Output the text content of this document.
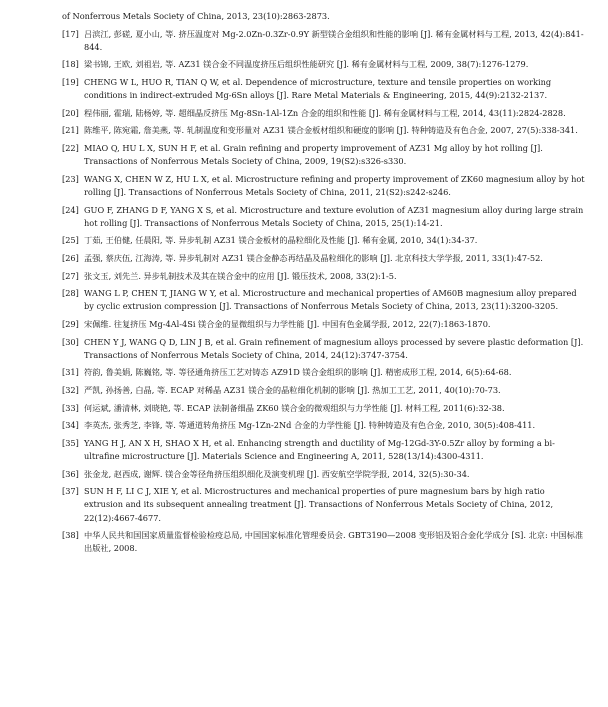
of Nonferrous Metals Society of China, 2013, 23(10):2863-2873.
[17] 吕滨江, 彭磋, 夏小山, 等. 挤压温度对 Mg-2.0Zn-0.3Zr-0.9Y 新型镁合金组织和性能的影响 [J]. 稀有金属材料与工程, 2013, 42(4):841-844.
[18] 梁书锦, 王欧, 刘祖岩, 等. AZ31 镁合金不同温度挤压后组织性能研究 [J]. 稀有金属材料与工程, 2009, 38(7):1276-1279.
[19] CHENG W L, HUO R, TIAN Q W, et al. Dependence of microstructure, texture and tensile properties on working conditions in indirect-extruded Mg-6Sn alloys [J]. Rare Metal Materials & Engineering, 2015, 44(9):2132-2137.
[20] 程伟丽, 霍瑞, 陆杨婷, 等. 超细晶反挤压 Mg-8Sn-1Al-1Zn 合金的组织和性能 [J]. 稀有金属材料与工程, 2014, 43(11):2824-2828.
[21] 陈维平, 陈宛霜, 詹美燕, 等. 轧制温度和变形量对 AZ31 镁合金板材组织和硬度的影响 [J]. 特种铸造及有色合金, 2007, 27(5):338-341.
[22] MIAO Q, HU L X, SUN H F, et al. Grain refining and property improvement of AZ31 Mg alloy by hot rolling [J]. Transactions of Nonferrous Metals Society of China, 2009, 19(S2):s326-s330.
[23] WANG X, CHEN W Z, HU L X, et al. Microstructure refining and property improvement of ZK60 magnesium alloy by hot rolling [J]. Transactions of Nonferrous Metals Society of China, 2011, 21(S2):s242-s246.
[24] GUO F, ZHANG D F, YANG X S, et al. Microstructure and texture evolution of AZ31 magnesium alloy during large strain hot rolling [J]. Transactions of Nonferrous Metals Society of China, 2015, 25(1):14-21.
[25] 丁茹, 王伯健, 任晨阳, 等. 异步轧制 AZ31 镁合金板材的晶粒细化及性能 [J]. 稀有金属, 2010, 34(1):34-37.
[26] 孟强, 蔡庆伍, 江海涛, 等. 异步轧制对 AZ31 镁合金静态再结晶及晶粒细化的影响 [J]. 北京科技大学学报, 2011, 33(1):47-52.
[27] 张文玉, 刘先兰. 异步轧制技术及其在镁合金中的应用 [J]. 锻压技术, 2008, 33(2):1-5.
[28] WANG L P, CHEN T, JIANG W Y, et al. Microstructure and mechanical properties of AM60B magnesium alloy prepared by cyclic extrusion compression [J]. Transactions of Nonferrous Metals Society of China, 2013, 23(11):3200-3205.
[29] 宋佩维. 往复挤压 Mg-4Al-4Si 镁合金的显微组织与力学性能 [J]. 中国有色金属学报, 2012, 22(7):1863-1870.
[30] CHEN Y J, WANG Q D, LIN J B, et al. Grain refinement of magnesium alloys processed by severe plastic deformation [J]. Transactions of Nonferrous Metals Society of China, 2014, 24(12):3747-3754.
[31] 符韵, 鲁美娟, 陈巍铭, 等. 等径通角挤压工艺对铸态 AZ91D 镁合金组织的影响 [J]. 精密成形工程, 2014, 6(5):64-68.
[32] 严凯, 孙扬善, 白晶, 等. ECAP 对稀晶 AZ31 镁合金的晶粒细化机制的影响 [J]. 热加工工艺, 2011, 40(10):70-73.
[33] 何运斌, 潘清林, 刘晓艳, 等. ECAP 法制备细晶 ZK60 镁合金的微观组织与力学性能 [J]. 材料工程, 2011(6):32-38.
[34] 李英杰, 张秀芝, 李锋, 等. 等通道转角挤压 Mg-1Zn-2Nd 合金的力学性能 [J]. 特种铸造及有色合金, 2010, 30(5):408-411.
[35] YANG H J, AN X H, SHAO X H, et al. Enhancing strength and ductility of Mg-12Gd-3Y-0.5Zr alloy by forming a bi-ultrafine microstructure [J]. Materials Science and Engineering A, 2011, 528(13/14):4300-4311.
[36] 张金龙, 赵西成, 谢辉. 镁合金等径角挤压组织细化及演变机理 [J]. 西安航空学院学报, 2014, 32(5):30-34.
[37] SUN H F, LI C J, XIE Y, et al. Microstructures and mechanical properties of pure magnesium bars by high ratio extrusion and its subsequent annealing treatment [J]. Transactions of Nonferrous Metals Society of China, 2012, 22(12):4667-4677.
[38] 中华人民共和国国家质量监督检验检疫总局, 中国国家标准化管理委员会. GBT3190—2008 变形铝及铝合金化学成分 [S]. 北京: 中国标准出版社, 2008.
